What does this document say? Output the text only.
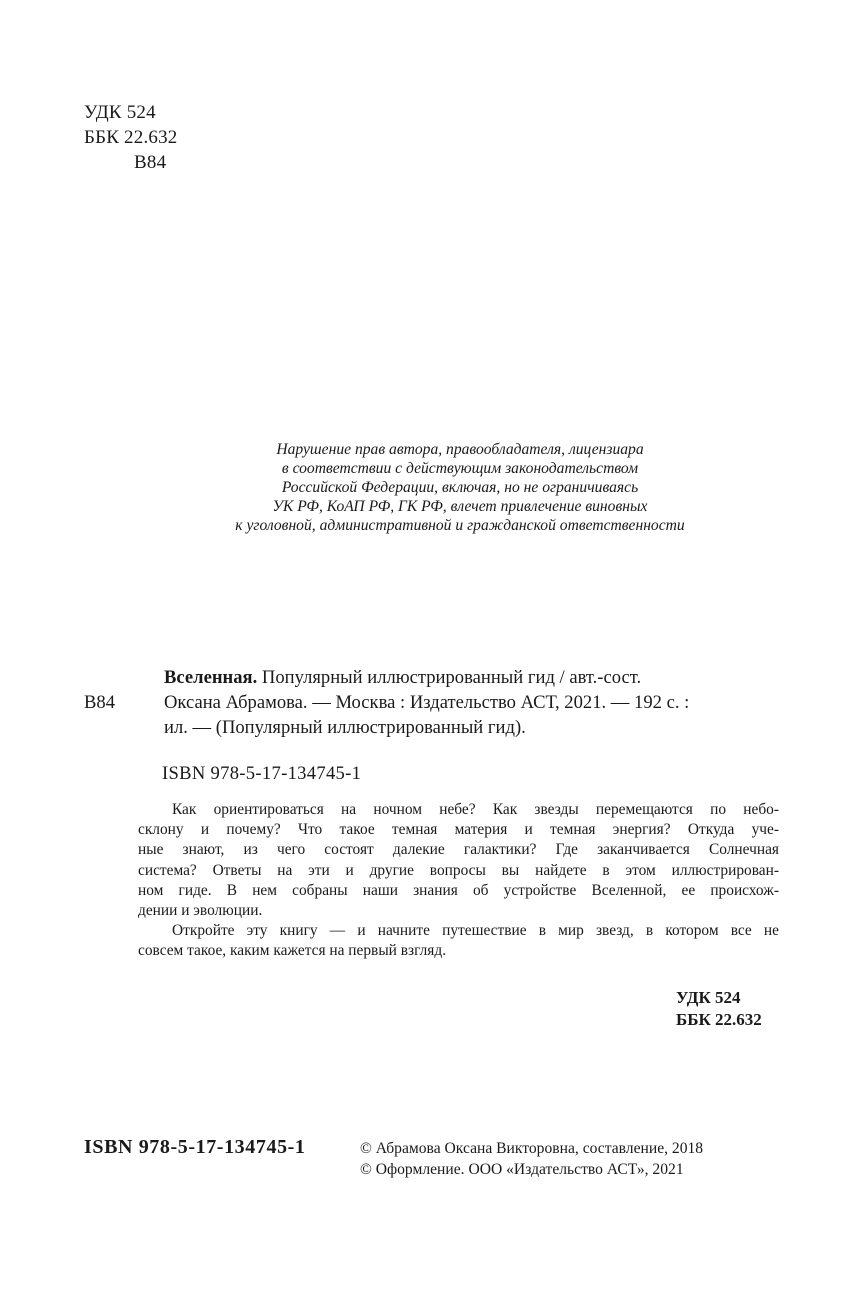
УДК 524
ББК 22.632
В84
Нарушение прав автора, правообладателя, лицензиара
в соответствии с действующим законодательством
Российской Федерации, включая, но не ограничиваясь
УК РФ, КоАП РФ, ГК РФ, влечет привлечение виновных
к уголовной, административной и гражданской ответственности
Вселенная. Популярный иллюстрированный гид / авт.-сост.
В84	Оксана Абрамова. — Москва : Издательство АСТ, 2021. — 192 с. :
ил. — (Популярный иллюстрированный гид).
ISBN 978-5-17-134745-1
Как ориентироваться на ночном небе? Как звезды перемещаются по небо-
склону и почему? Что такое темная материя и темная энергия? Откуда уче-
ные знают, из чего состоят далекие галактики? Где заканчивается Солнечная
система? Ответы на эти и другие вопросы вы найдете в этом иллюстрирован-
ном гиде. В нем собраны наши знания об устройстве Вселенной, ее происхож-
дении и эволюции.
Откройте эту книгу — и начните путешествие в мир звезд, в котором все не
совсем такое, каким кажется на первый взгляд.
УДК 524
ББК 22.632
ISBN 978-5-17-134745-1	© Абрамова Оксана Викторовна, составление, 2018
© Оформление. ООО «Издательство АСТ», 2021
